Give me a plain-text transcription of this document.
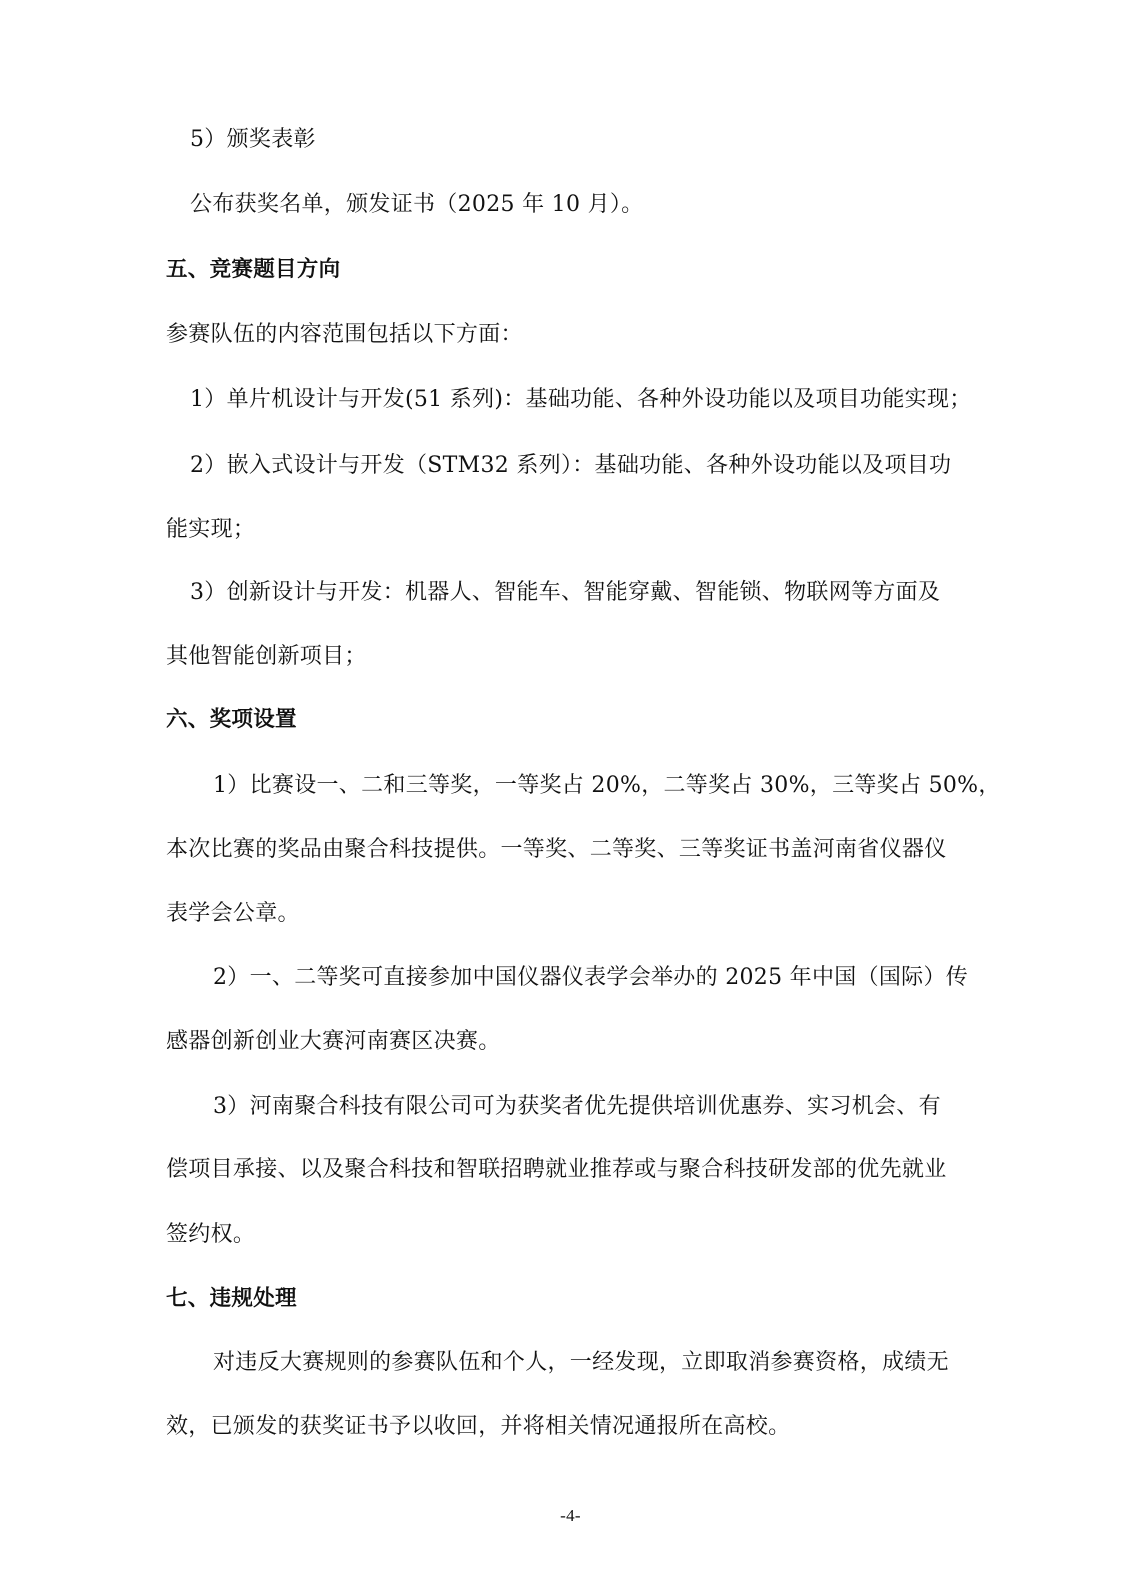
5）颁奖表彰
公布获奖名单，颁发证书（2025 年 10 月）。
五、竞赛题目方向
参赛队伍的内容范围包括以下方面：
1）单片机设计与开发(51 系列)：基础功能、各种外设功能以及项目功能实现；
2）嵌入式设计与开发（STM32 系列）：基础功能、各种外设功能以及项目功
能实现；
3）创新设计与开发：机器人、智能车、智能穿戴、智能锁、物联网等方面及
其他智能创新项目；
六、奖项设置
1）比赛设一、二和三等奖，一等奖占 20%，二等奖占 30%，三等奖占 50%，
本次比赛的奖品由聚合科技提供。一等奖、二等奖、三等奖证书盖河南省仪器仪
表学会公章。
2）一、二等奖可直接参加中国仪器仪表学会举办的 2025 年中国（国际）传
感器创新创业大赛河南赛区决赛。
3）河南聚合科技有限公司可为获奖者优先提供培训优惠券、实习机会、有
偿项目承接、以及聚合科技和智联招聘就业推荐或与聚合科技研发部的优先就业
签约权。
七、违规处理
对违反大赛规则的参赛队伍和个人，一经发现，立即取消参赛资格，成绩无
效，已颁发的获奖证书予以收回，并将相关情况通报所在高校。
-4-
